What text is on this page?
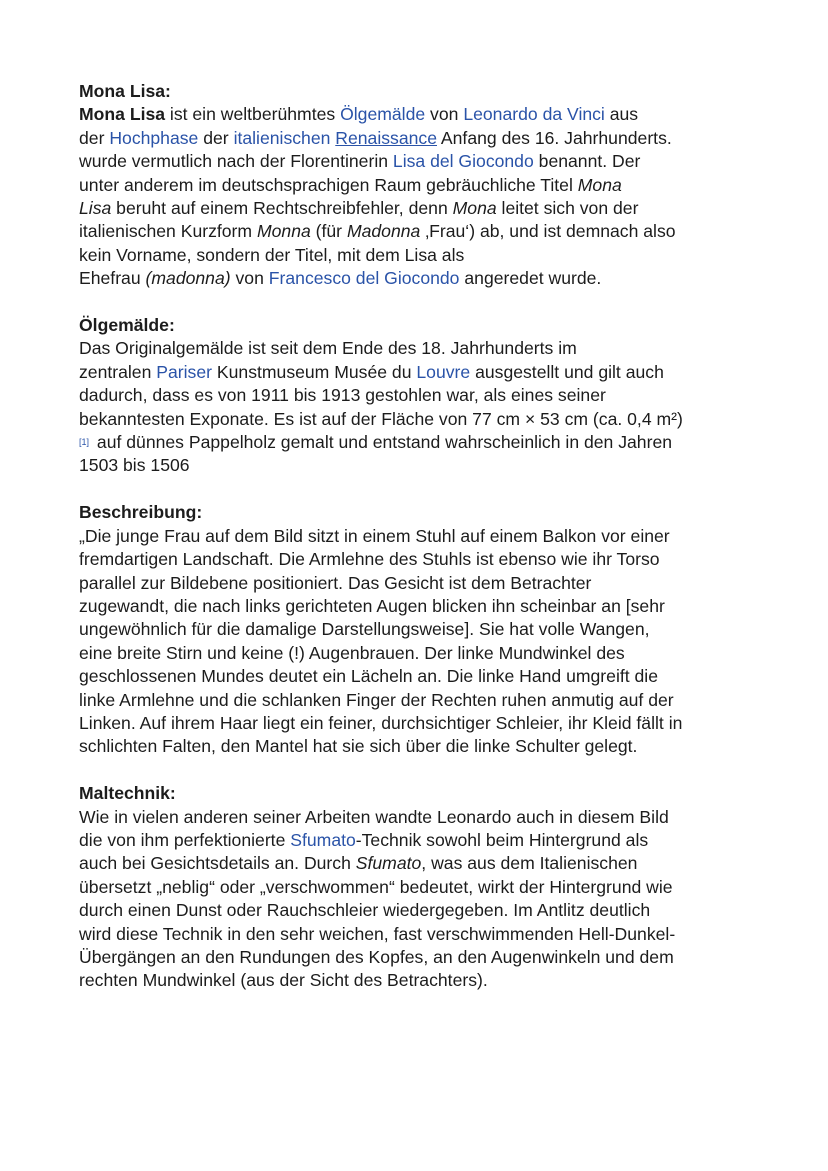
Mona Lisa:
Mona Lisa ist ein weltberühmtes Ölgemälde von Leonardo da Vinci aus
der Hochphase der italienischen Renaissance Anfang des 16. Jahrhunderts.
wurde vermutlich nach der Florentinerin Lisa del Giocondo benannt. Der
unter anderem im deutschsprachigen Raum gebräuchliche Titel Mona
Lisa beruht auf einem Rechtschreibfehler, denn Mona leitet sich von der
italienischen Kurzform Monna (für Madonna ‚Frau‘) ab, und ist demnach also
kein Vorname, sondern der Titel, mit dem Lisa als
Ehefrau (madonna) von Francesco del Giocondo angeredet wurde.
Ölgemälde:
Das Originalgemälde ist seit dem Ende des 18. Jahrhunderts im
zentralen Pariser Kunstmuseum Musée du Louvre ausgestellt und gilt auch
dadurch, dass es von 1911 bis 1913 gestohlen war, als eines seiner
bekanntesten Exponate. Es ist auf der Fläche von 77 cm × 53 cm (ca. 0,4 m²)
[1] auf dünnes Pappelholz gemalt und entstand wahrscheinlich in den Jahren
1503 bis 1506
Beschreibung:
„Die junge Frau auf dem Bild sitzt in einem Stuhl auf einem Balkon vor einer
fremdartigen Landschaft. Die Armlehne des Stuhls ist ebenso wie ihr Torso
parallel zur Bildebene positioniert. Das Gesicht ist dem Betrachter
zugewandt, die nach links gerichteten Augen blicken ihn scheinbar an [sehr
ungewöhnlich für die damalige Darstellungsweise]. Sie hat volle Wangen,
eine breite Stirn und keine (!) Augenbrauen. Der linke Mundwinkel des
geschlossenen Mundes deutet ein Lächeln an. Die linke Hand umgreift die
linke Armlehne und die schlanken Finger der Rechten ruhen anmutig auf der
Linken. Auf ihrem Haar liegt ein feiner, durchsichtiger Schleier, ihr Kleid fällt in
schlichten Falten, den Mantel hat sie sich über die linke Schulter gelegt.
Maltechnik:
Wie in vielen anderen seiner Arbeiten wandte Leonardo auch in diesem Bild
die von ihm perfektionierte Sfumato-Technik sowohl beim Hintergrund als
auch bei Gesichtsdetails an. Durch Sfumato, was aus dem Italienischen
übersetzt „neblig“ oder „verschwommen“ bedeutet, wirkt der Hintergrund wie
durch einen Dunst oder Rauchschleier wiedergegeben. Im Antlitz deutlich
wird diese Technik in den sehr weichen, fast verschwimmenden Hell-Dunkel-
Übergängen an den Rundungen des Kopfes, an den Augenwinkeln und dem
rechten Mundwinkel (aus der Sicht des Betrachters).
